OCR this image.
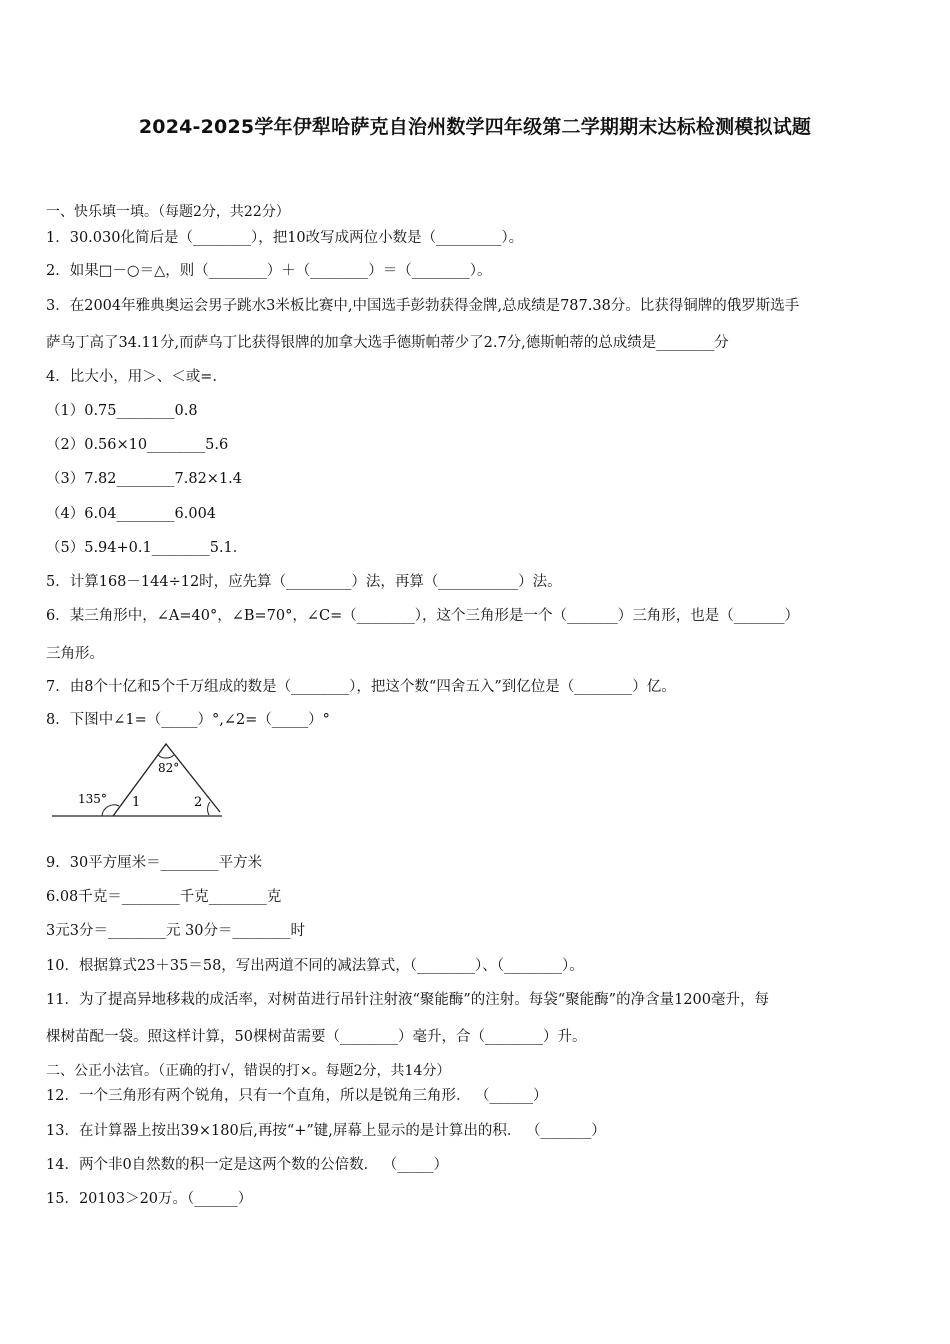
2024-2025学年伊犁哈萨克自治州数学四年级第二学期期末达标检测模拟试题
一、快乐填一填。（每题2分，共22分）
1．30.030化简后是（________），把10改写成两位小数是（_________）。
2．如果□－○＝△，则（________）＋（________）＝（________）。
3．在2004年雅典奥运会男子跳水3米板比赛中,中国选手彭勃获得金牌,总成绩是787.38分。比获得铜牌的俄罗斯选手
萨乌丁高了34.11分,而萨乌丁比获得银牌的加拿大选手德斯帕蒂少了2.7分,德斯帕蒂的总成绩是________分
4．比大小，用＞、＜或=.
（1）0.75________0.8
（2）0.56×10________5.6
（3）7.82________7.82×1.4
（4）6.04________6.004
（5）5.94+0.1________5.1．
5．计算168－144÷12时，应先算（_________）法，再算（___________）法。
6．某三角形中，∠A=40°，∠B=70°，∠C=（________），这个三角形是一个（_______）三角形，也是（_______）
三角形。
7．由8个十亿和5个千万组成的数是（________），把这个数“四舍五入”到亿位是（________）亿。
8．下图中∠1=（_____）°,∠2=（_____）°
135°
82°
1	2
9．30平方厘米＝________平方米
6.08千克＝________千克________克
3元3分＝________元 30分＝________时
10．根据算式23＋35＝58，写出两道不同的减法算式，（________）、（________）。
11．为了提高异地移栽的成活率，对树苗进行吊针注射液“聚能酶”的注射。每袋“聚能酶”的净含量1200毫升，每
棵树苗配一袋。照这样计算，50棵树苗需要（________）毫升，合（________）升。
二、公正小法官。（正确的打√，错误的打×。每题2分，共14分）
12．一个三角形有两个锐角，只有一个直角，所以是锐角三角形． （______）
13．在计算器上按出39×180后,再按“+”键,屏幕上显示的是计算出的积． （_______）
14．两个非0自然数的积一定是这两个数的公倍数． （_____）
15．20103＞20万。（______）
